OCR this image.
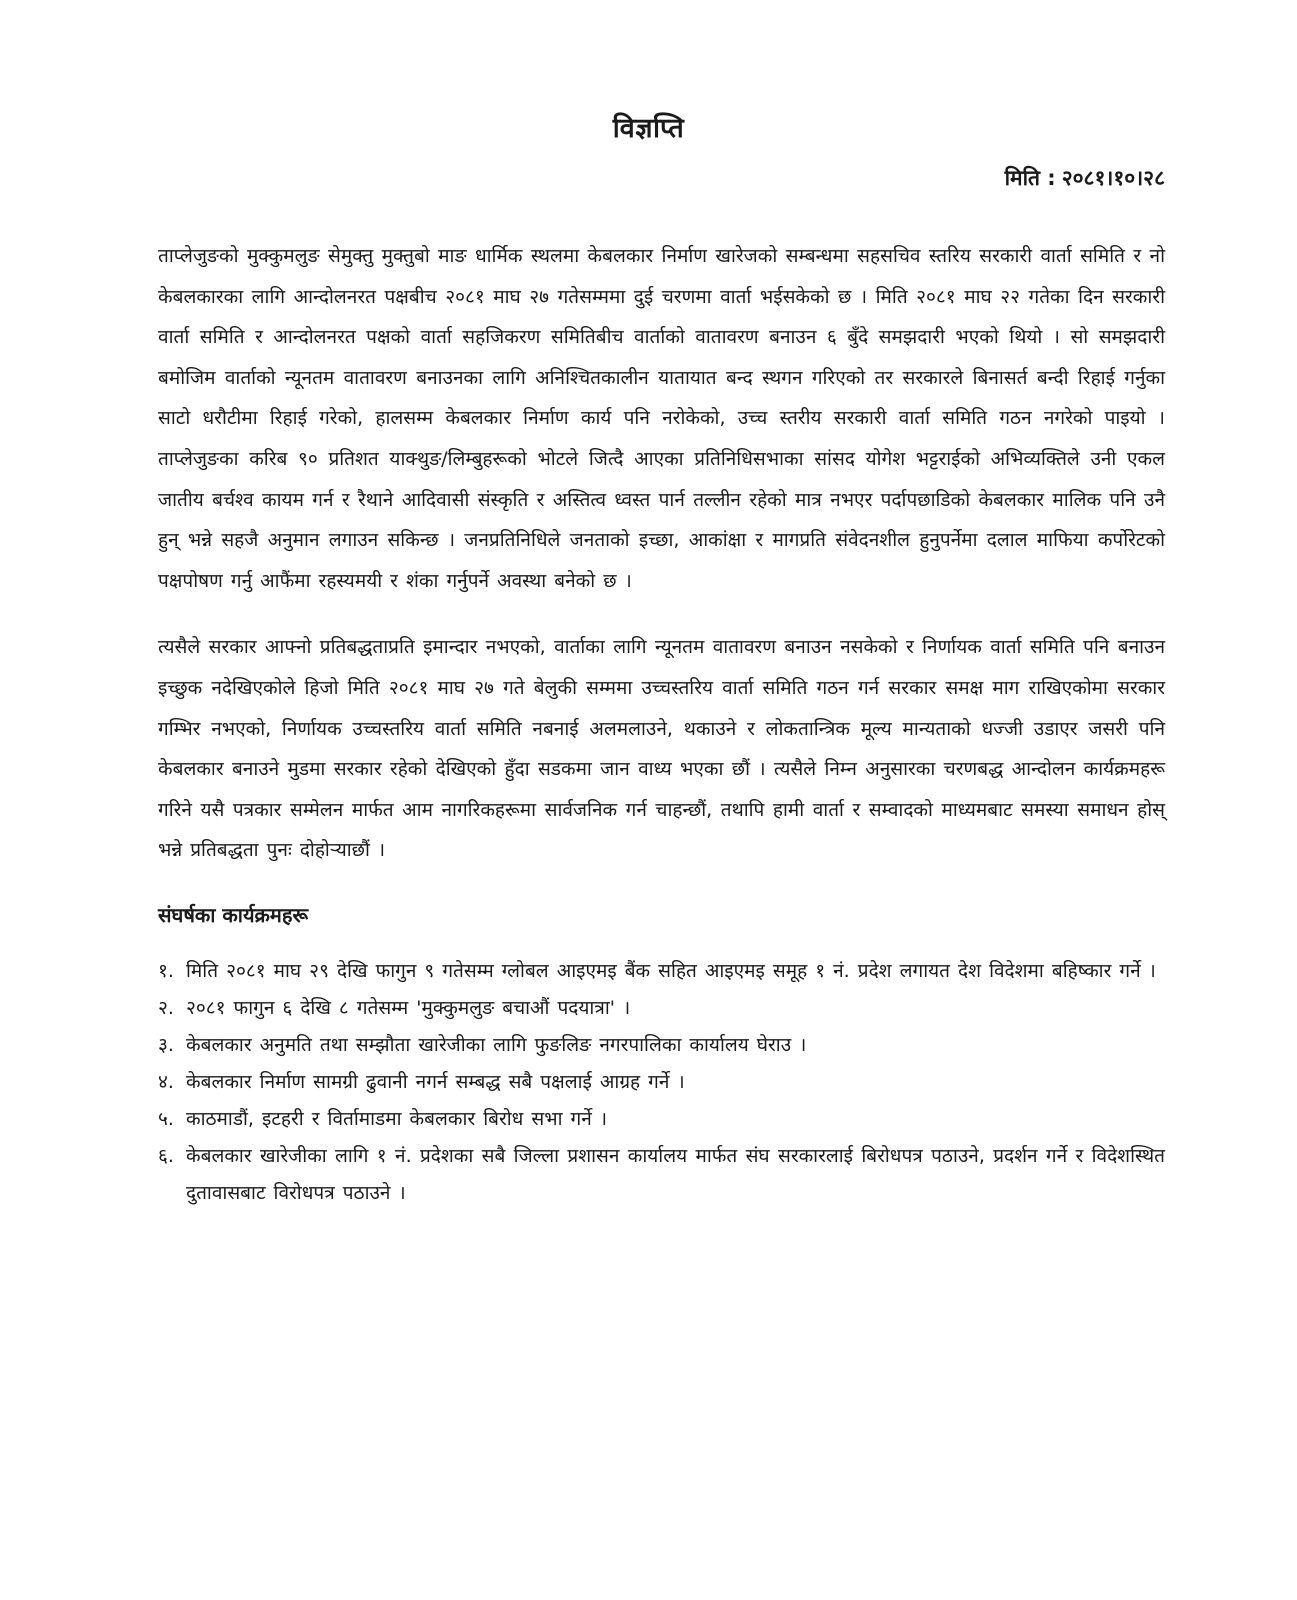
विज्ञप्ति

मिति : २०८१।१०।२८

ताप्लेजुङको मुक्कुमलुङ सेमुक्तु मुक्तुबो माङ धार्मिक स्थलमा केबलकार निर्माण खारेजको सम्बन्धमा सहसचिव स्तरिय सरकारी वार्ता समिति र नो केबलकारका लागि आन्दोलनरत पक्षबीच २०८१ माघ २७ गतेसम्ममा दुई चरणमा वार्ता भईसकेको छ । मिति २०८१ माघ २२ गतेका दिन सरकारी वार्ता समिति र आन्दोलनरत पक्षको वार्ता सहजिकरण समितिबीच वार्ताको वातावरण बनाउन ६ बुँदे समझदारी भएको थियो । सो समझदारी बमोजिम वार्ताको न्यूनतम वातावरण बनाउनका लागि अनिश्चितकालीन यातायात बन्द स्थगन गरिएको तर सरकारले बिनासर्त बन्दी रिहाई गर्नुका साटो धरौटीमा रिहाई गरेको, हालसम्म केबलकार निर्माण कार्य पनि नरोकेको, उच्च स्तरीय सरकारी वार्ता समिति गठन नगरेको पाइयो । ताप्लेजुङका करिब ९० प्रतिशत याक्थुङ/लिम्बुहरूको भोटले जित्दै आएका प्रतिनिधिसभाका सांसद योगेश भट्टराईको अभिव्यक्तिले उनी एकल जातीय बर्चश्व कायम गर्न र रैथाने आदिवासी संस्कृति र अस्तित्व ध्वस्त पार्न तल्लीन रहेको मात्र नभएर पर्दापछाडिको केबलकार मालिक पनि उनै हुन् भन्ने सहजै अनुमान लगाउन सकिन्छ । जनप्रतिनिधिले जनताको इच्छा, आकांक्षा र मागप्रति संवेदनशील हुनुपर्नेमा दलाल माफिया कर्पोरेटको पक्षपोषण गर्नु आफैंमा रहस्यमयी र शंका गर्नुपर्ने अवस्था बनेको छ ।

त्यसैले सरकार आफ्नो प्रतिबद्धताप्रति इमान्दार नभएको, वार्ताका लागि न्यूनतम वातावरण बनाउन नसकेको र निर्णायक वार्ता समिति पनि बनाउन इच्छुक नदेखिएकोले हिजो मिति २०८१ माघ २७ गते बेलुकी सम्ममा उच्चस्तरिय वार्ता समिति गठन गर्न सरकार समक्ष माग राखिएकोमा सरकार गम्भिर नभएको, निर्णायक उच्चस्तरिय वार्ता समिति नबनाई अलमलाउने, थकाउने र लोकतान्त्रिक मूल्य मान्यताको धज्जी उडाएर जसरी पनि केबलकार बनाउने मुडमा सरकार रहेको देखिएको हुँदा सडकमा जान वाध्य भएका छौं । त्यसैले निम्न अनुसारका चरणबद्ध आन्दोलन कार्यक्रमहरू गरिने यसै पत्रकार सम्मेलन मार्फत आम नागरिकहरूमा सार्वजनिक गर्न चाहन्छौं, तथापि हामी वार्ता र सम्वादको माध्यमबाट समस्या समाधन होस् भन्ने प्रतिबद्धता पुनः दोहोर्‍याछौं ।

संघर्षका कार्यक्रमहरू
१. मिति २०८१ माघ २९ देखि फागुन ९ गतेसम्म ग्लोबल आइएमइ बैंक सहित आइएमइ समूह १ नं. प्रदेश लगायत देश विदेशमा बहिष्कार गर्ने ।
२. २०८१ फागुन ६ देखि ८ गतेसम्म 'मुक्कुमलुङ बचाऔं पदयात्रा' ।
३. केबलकार अनुमति तथा सम्झौता खारेजीका लागि फुङलिङ नगरपालिका कार्यालय घेराउ ।
४. केबलकार निर्माण सामग्री ढुवानी नगर्न सम्बद्ध सबै पक्षलाई आग्रह गर्ने ।
५. काठमाडौं, इटहरी र विर्तामाडमा केबलकार बिरोध सभा गर्ने ।
६. केबलकार खारेजीका लागि १ नं. प्रदेशका सबै जिल्ला प्रशासन कार्यालय मार्फत संघ सरकारलाई बिरोधपत्र पठाउने, प्रदर्शन गर्ने र विदेशस्थित दुतावासबाट विरोधपत्र पठाउने ।
